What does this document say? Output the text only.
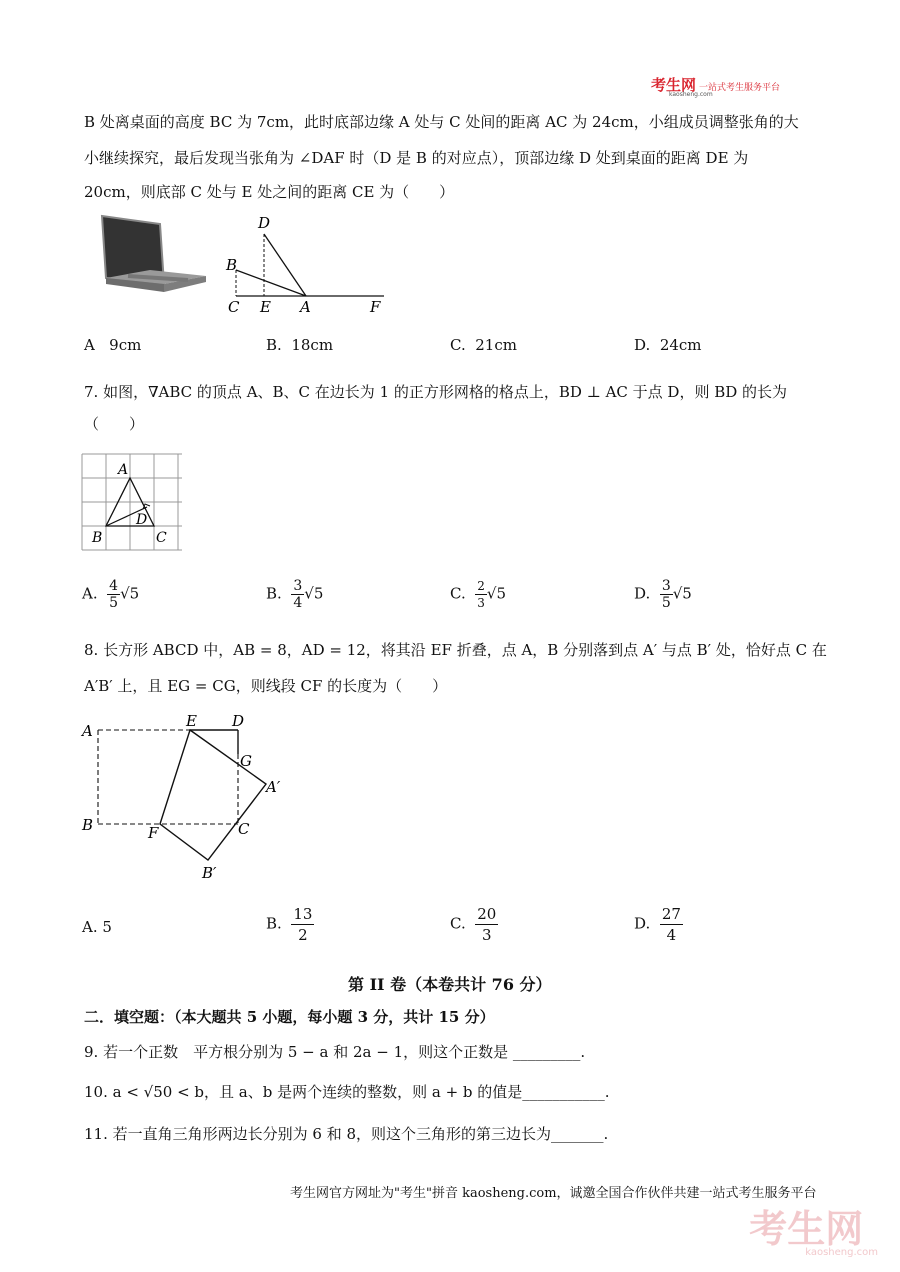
考生网 一站式考生服务平台
kaosheng.com
B 处离桌面的高度 BC 为 7cm，此时底部边缘 A 处与 C 处间的距离 AC 为 24cm，小组成员调整张角的大
小继续探究，最后发现当张角为 ∠DAF 时（D 是 B 的对应点），顶部边缘 D 处到桌面的距离 DE 为
20cm，则底部 C 处与 E 处之间的距离 CE 为（　　）
D
B
C E A	F
A 9cm	B. 18cm	C. 21cm	D. 24cm
7. 如图，∇ABC 的顶点 A、B、C 在边长为 1 的正方形网格的格点上，BD ⊥ AC 于点 D，则 BD 的长为
（　　）
A
B	C
D
A. $\frac{4}{5} √5$	B. $\frac{3}{4} √5$	C. $\frac{2}{3} √5$	D. $\frac{3}{5} √5$
8. 长方形 ABCD 中，AB = 8，AD = 12，将其沿 EF 折叠，点 A，B 分别落到点 A′ 与点 B′ 处，恰好点 C 在
A′B′ 上，且 EG = CG，则线段 CF 的长度为（　　）
A
B
E D
G
A′
F	C
B′
A. 5	B. $\frac{13}{2}$	C. $\frac{20}{3}$	D. $\frac{27}{4}$
第 II 卷（本卷共计 76 分）
二．填空题：（本大题共 5 小题，每小题 3 分，共计 15 分）
9. 若一个正数　平方根分别为 5 − a 和 2a − 1，则这个正数是 _________.
10. a < √50 < b，且 a、b 是两个连续的整数，则 a + b 的值是___________.
11. 若一直角三角形两边长分别为 6 和 8，则这个三角形的第三边长为_______.
考生网官方网址为"考生"拼音 kaosheng.com，诚邀全国合作伙伴共建一站式考生服务平台
考生网
kaosheng.com
